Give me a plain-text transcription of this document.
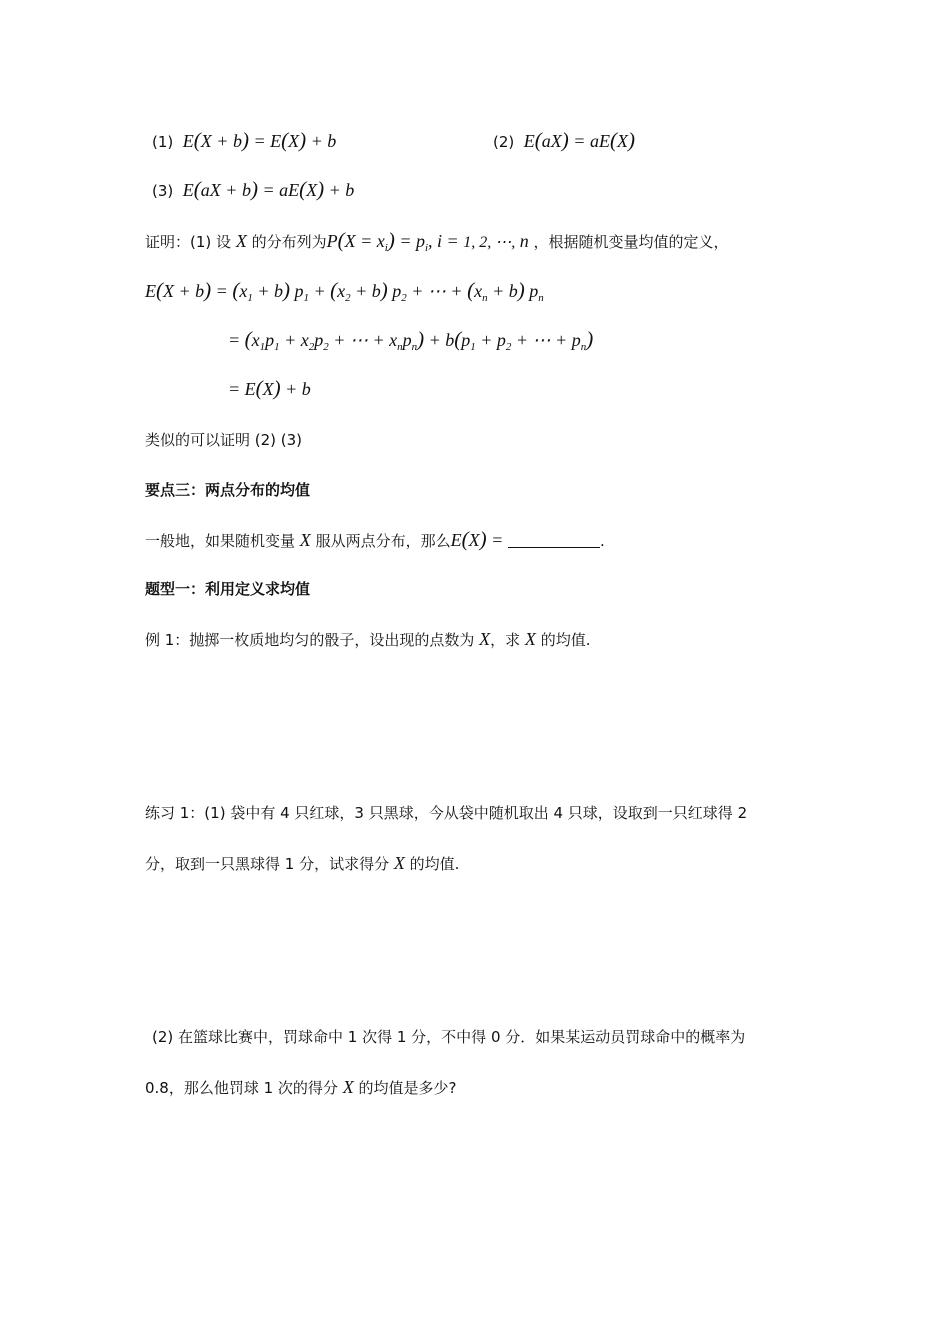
(1) E(X + b) = E(X) + b	(2) E(aX) = aE(X)
(3) E(aX + b) = aE(X) + b
证明：(1) 设 X 的分布列为$P(X = x_i) = p_i$, i = 1, 2, ⋯, n ，根据随机变量均值的定义，
$E(X + b) = (x_1 + b) p_1 + (x_2 + b) p_2$ + ⋯ + $(x_n + b)$ $p_n$
= ($x_1p_1 + x_2p_2$ + ⋯ + $x_np_n) + b(p_1 + p_2$ + ⋯ + $p_n$)
= E(X) + b
类似的可以证明 (2) (3)
要点三：两点分布的均值
一般地，如果随机变量 X 服从两点分布，那么E(X) =	.
题型一：利用定义求均值
例 1：抛掷一枚质地均匀的骰子，设出现的点数为 X，求 X 的均值.
练习 1：(1) 袋中有 4 只红球，3 只黑球，今从袋中随机取出 4 只球，设取到一只红球得 2
分，取到一只黑球得 1 分，试求得分 X 的均值.
(2) 在篮球比赛中，罚球命中 1 次得 1 分，不中得 0 分．如果某运动员罚球命中的概率为
0.8，那么他罚球 1 次的得分 X 的均值是多少?
